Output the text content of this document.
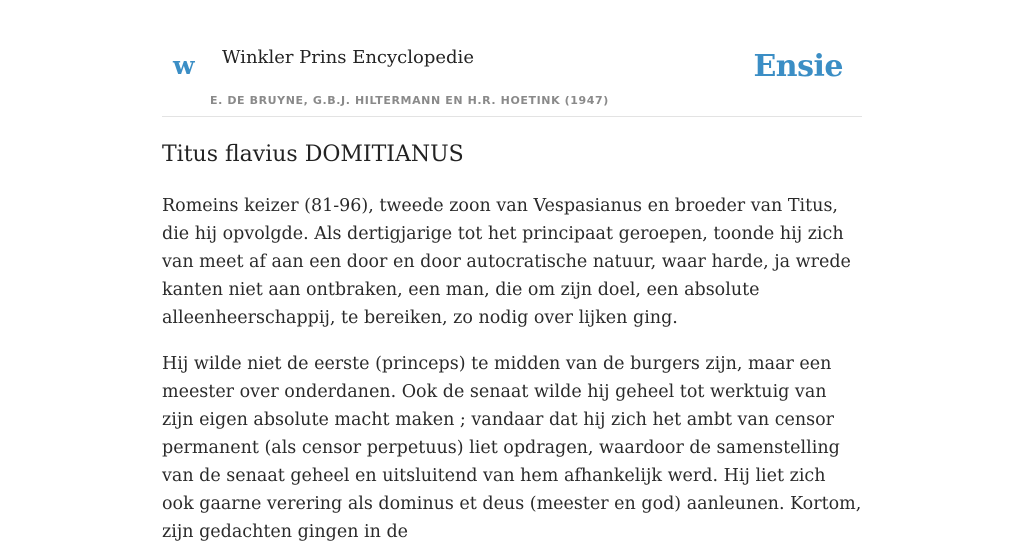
w Winkler Prins Encyclopedie
E. DE BRUYNE, G.B.J. HILTERMANN EN H.R. HOETINK (1947)
Ensie
Titus flavius DOMITIANUS

Romeins keizer (81-96), tweede zoon van Vespasianus en broeder van Titus, die hij opvolgde. Als dertigjarige tot het principaat geroepen, toonde hij zich van meet af aan een door en door autocratische natuur, waar harde, ja wrede kanten niet aan ontbraken, een man, die om zijn doel, een absolute alleenheerschappij, te bereiken, zo nodig over lijken ging.

Hij wilde niet de eerste (princeps) te midden van de burgers zijn, maar een meester over onderdanen. Ook de senaat wilde hij geheel tot werktuig van zijn eigen absolute macht maken ; vandaar dat hij zich het ambt van censor permanent (als censor perpetuus) liet opdragen, waardoor de samenstelling van de senaat geheel en uitsluitend van hem afhankelijk werd. Hij liet zich ook gaarne verering als dominus et deus (meester en god) aanleunen. Kortom, zijn gedachten gingen in de
